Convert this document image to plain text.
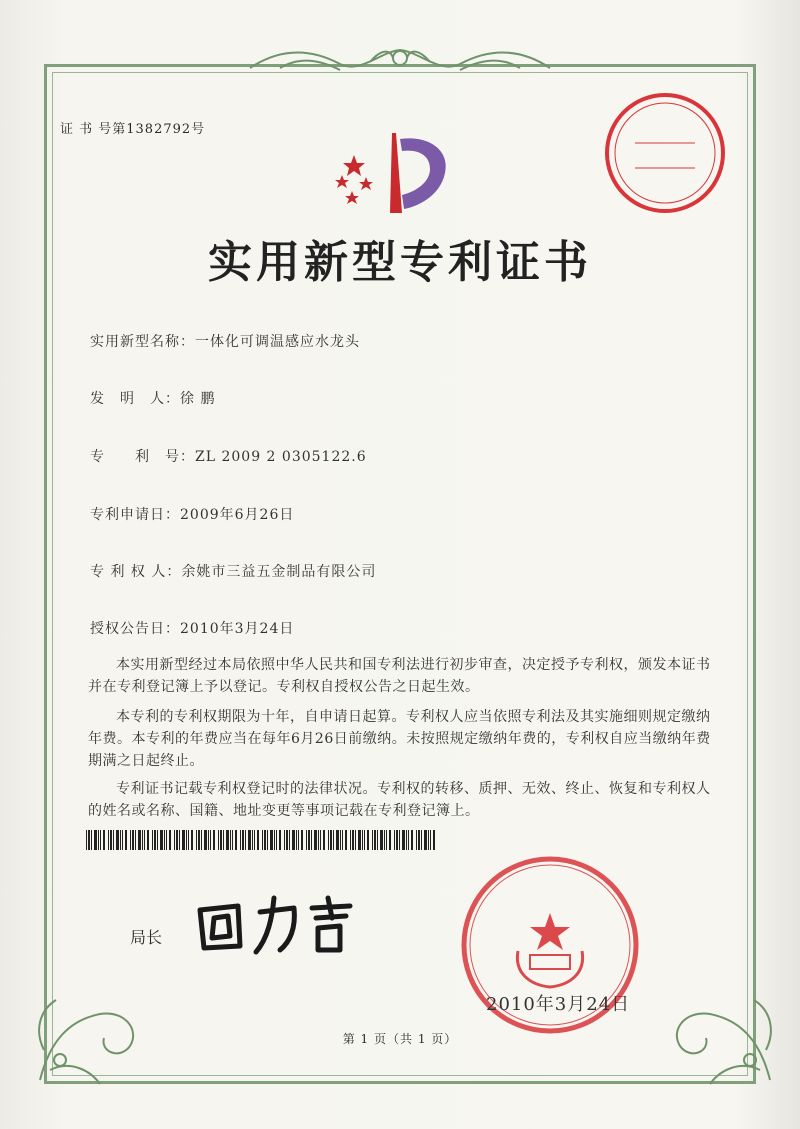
证 书 号第1382792号
实用新型专利证书
实用新型名称：一体化可调温感应水龙头
发　明　人：徐 鹏
专　　利　号：ZL 2009 2 0305122.6
专利申请日：2009年6月26日
专 利 权 人：余姚市三益五金制品有限公司
授权公告日：2010年3月24日
本实用新型经过本局依照中华人民共和国专利法进行初步审查，决定授予专利权，颁发本证书并在专利登记簿上予以登记。专利权自授权公告之日起生效。
本专利的专利权期限为十年，自申请日起算。专利权人应当依照专利法及其实施细则规定缴纳年费。本专利的年费应当在每年6月26日前缴纳。未按照规定缴纳年费的，专利权自应当缴纳年费期满之日起终止。
专利证书记载专利权登记时的法律状况。专利权的转移、质押、无效、终止、恢复和专利权人的姓名或名称、国籍、地址变更等事项记载在专利登记簿上。
局长
2010年3月24日
第 1 页（共 1 页）
